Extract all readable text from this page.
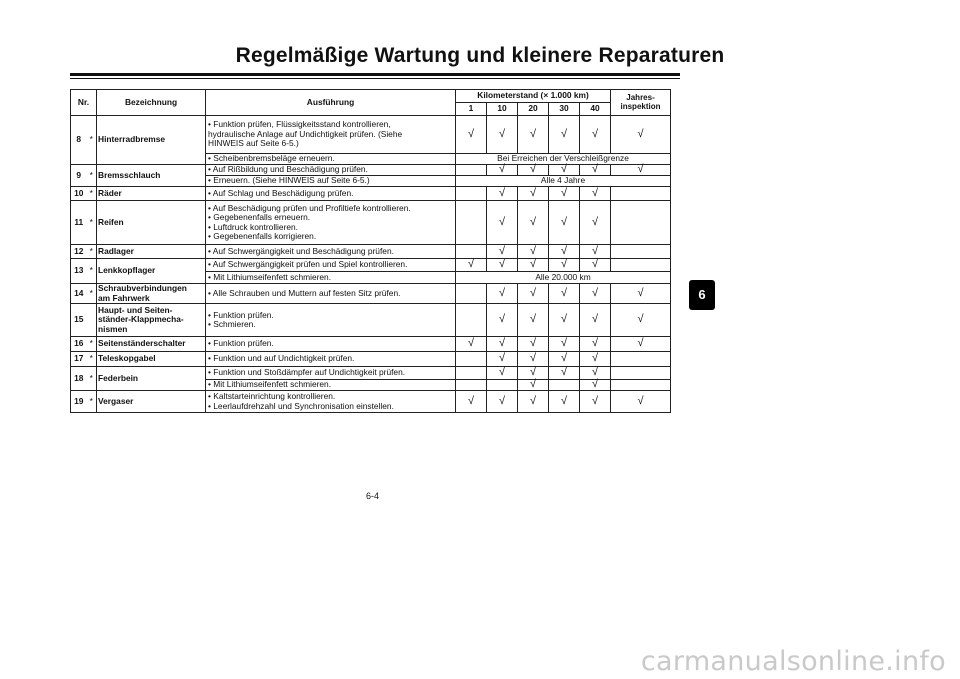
Regelmäßige Wartung und kleinere Reparaturen
Nr.		Bezeichnung	Ausführung	Kilometerstand (× 1.000 km)					Jahres-
inspektion
				1	10	20	30	40	
8	*	Hinterradbremse	• Funktion prüfen, Flüssigkeitsstand kontrollieren,
hydraulische Anlage auf Undichtigkeit prüfen. (Siehe
HINWEIS auf Seite 6-5.)	√	√	√	√	√	√
			• Scheibenbremsbeläge erneuern.	Bei Erreichen der Verschleißgrenze					
9	*	Bremsschlauch	• Auf Rißbildung und Beschädigung prüfen.		√	√	√	√	√
			• Erneuern. (Siehe HINWEIS auf Seite 6-5.)	Alle 4 Jahre					
10	*	Räder	• Auf Schlag und Beschädigung prüfen.		√	√	√	√	
11	*	Reifen	• Auf Beschädigung prüfen und Profiltiefe kontrollieren.
• Gegebenenfalls erneuern.
• Luftdruck kontrollieren.
• Gegebenenfalls korrigieren.		√	√	√	√	
12	*	Radlager	• Auf Schwergängigkeit und Beschädigung prüfen.		√	√	√	√	
13	*	Lenkkopflager	• Auf Schwergängigkeit prüfen und Spiel kontrollieren.	√	√	√	√	√	
			• Mit Lithiumseifenfett schmieren.	Alle 20.000 km					
14	*	Schraubverbindungen
am Fahrwerk	• Alle Schrauben und Muttern auf festen Sitz prüfen.		√	√	√	√	√
15		Haupt- und Seiten-
ständer-Klappmecha-
nismen	• Funktion prüfen.
• Schmieren.		√	√	√	√	√
16	*	Seitenständerschalter	• Funktion prüfen.	√	√	√	√	√	√
17	*	Teleskopgabel	• Funktion und auf Undichtigkeit prüfen.		√	√	√	√	
18	*	Federbein	• Funktion und Stoßdämpfer auf Undichtigkeit prüfen.		√	√	√	√	
			• Mit Lithiumseifenfett schmieren.			√		√	
19	*	Vergaser	• Kaltstarteinrichtung kontrollieren.
• Leerlaufdrehzahl und Synchronisation einstellen.	√	√	√	√	√	√
6
6-4
carmanualsonline.info
